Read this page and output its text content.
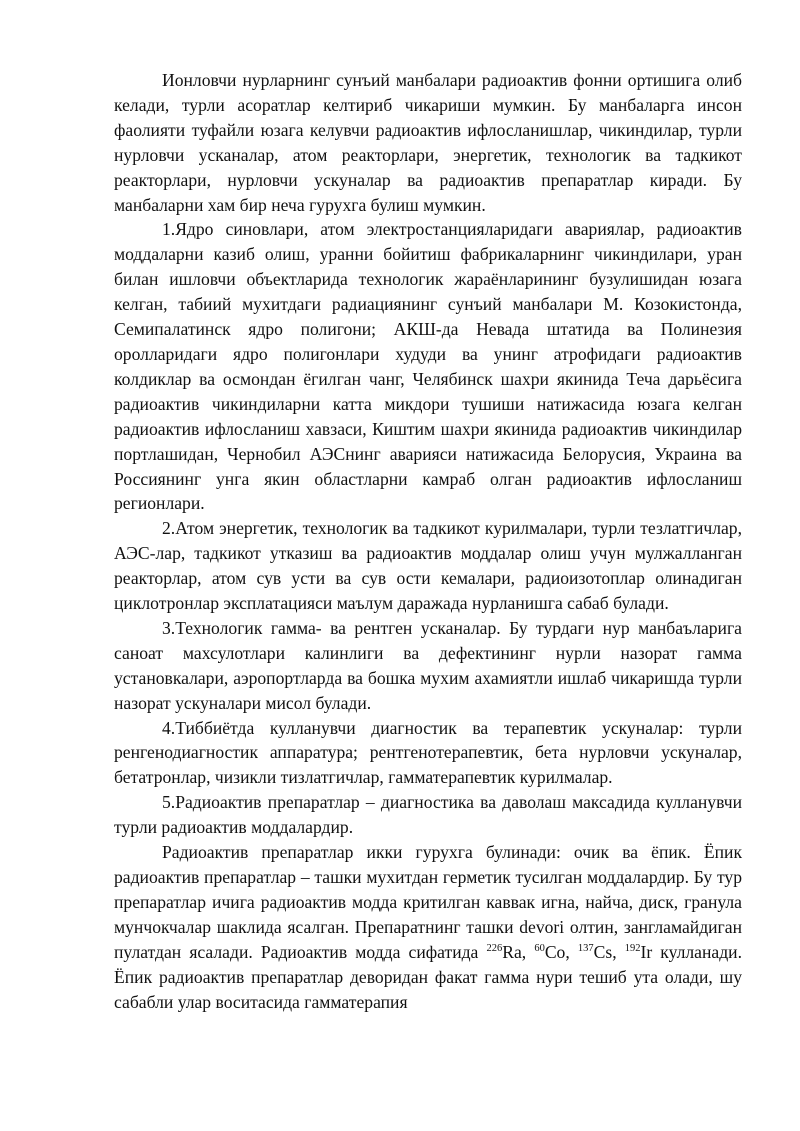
Ионловчи нурларнинг сунъий манбалари радиоактив фонни ортишига олиб келади, турли асоратлар келтириб чикариши мумкин. Бу манбаларга инсон фаолияти туфайли юзага келувчи радиоактив ифлосланишлар, чикиндилар, турли нурловчи усканалар, атом реакторлари, энергетик, технологик ва тадкикот реакторлари, нурловчи ускуналар ва радиоактив препаратлар киради. Бу манбаларни хам бир неча гурухга булиш мумкин.

1.Ядро синовлари, атом электростанцияларидаги авариялар, радиоактив моддаларни казиб олиш, уранни бойитиш фабрикаларнинг чикиндилари, уран билан ишловчи объектларида технологик жараёнларининг бузулишидан юзага келган, табиий мухитдаги радиациянинг сунъий манбалари М. Козокистонда, Семипалатинск ядро полигони; АКШ-да Невада штатида ва Полинезия оролларидаги ядро полигонлари худуди ва унинг атрофидаги радиоактив колдиклар ва осмондан ёгилган чанг, Челябинск шахри якинида Теча дарьёсига радиоактив чикиндиларни катта микдори тушиши натижасида юзага келган радиоактив ифлосланиш хавзаси, Киштим шахри якинида радиоактив чикиндилар портлашидан, Чернобил АЭСнинг аварияси натижасида Белорусия, Украина ва Россиянинг унга якин областларни камраб олган радиоактив ифлосланиш регионлари.

2.Атом энергетик, технологик ва тадкикот курилмалари, турли тезлатгичлар, АЭС-лар, тадкикот утказиш ва радиоактив моддалар олиш учун мулжалланган реакторлар, атом сув усти ва сув ости кемалари, радиоизотоплар олинадиган циклотронлар эксплатацияси маълум даражада нурланишга сабаб булади.

3.Технологик гамма- ва рентген усканалар. Бу турдаги нур манбаъларига саноат махсулотлари калинлиги ва дефектининг нурли назорат гамма установкалари, аэропортларда ва бошка мухим ахамиятли ишлаб чикаришда турли назорат ускуналари мисол булади.

4.Тиббиётда кулланувчи диагностик ва терапевтик ускуналар: турли ренгенодиагностик аппаратура; рентгенотерапевтик, бета нурловчи ускуналар, бетатронлар, чизикли тизлатгичлар, гамматерапевтик курилмалар.

5.Радиоактив препаратлар – диагностика ва даволаш максадида кулланувчи турли радиоактив моддалардир.

Радиоактив препаратлар икки гурухга булинади: очик ва ёпик. Ёпик радиоактив препаратлар – ташки мухитдан герметик тусилган моддалардир. Бу тур препаратлар ичига радиоактив модда критилган каввак игна, найча, диск, гранула мунчокчалар шаклида ясалган. Препаратнинг ташки devori олтин, зангламайдиган пулатдан ясалади. Радиоактив модда сифатида $^{226}$Ra, $^{60}$Co, $^{137}$Cs, $^{192}$Ir кулланади. Ёпик радиоактив препаратлар деворидан факат гамма нури тешиб ута олади, шу сабабли улар воситасида гамматерапия
